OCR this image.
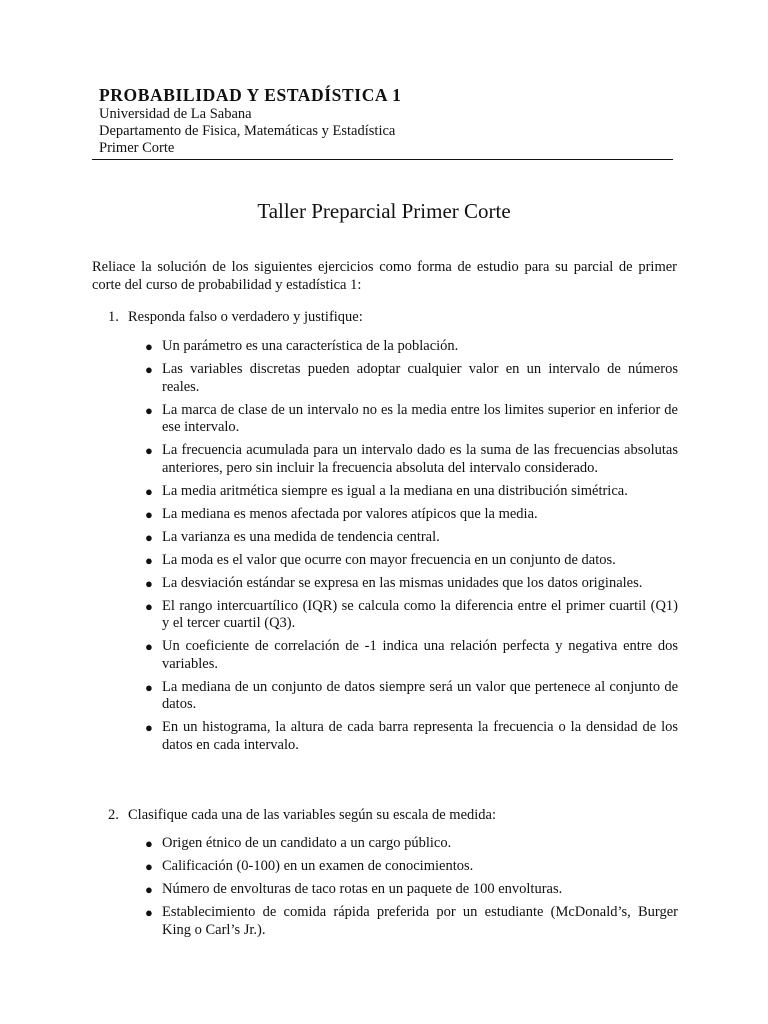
PROBABILIDAD Y ESTADÍSTICA 1
Universidad de La Sabana
Departamento de Fisica, Matemáticas y Estadística
Primer Corte
Taller Preparcial Primer Corte
Reliace la solución de los siguientes ejercicios como forma de estudio para su parcial de primer corte del curso de probabilidad y estadística 1:
1. Responda falso o verdadero y justifique:
● Un parámetro es una característica de la población.
● Las variables discretas pueden adoptar cualquier valor en un intervalo de números reales.
● La marca de clase de un intervalo no es la media entre los limites superior en inferior de ese intervalo.
● La frecuencia acumulada para un intervalo dado es la suma de las frecuencias absolutas anteriores, pero sin incluir la frecuencia absoluta del intervalo considerado.
● La media aritmética siempre es igual a la mediana en una distribución simétrica.
● La mediana es menos afectada por valores atípicos que la media.
● La varianza es una medida de tendencia central.
● La moda es el valor que ocurre con mayor frecuencia en un conjunto de datos.
● La desviación estándar se expresa en las mismas unidades que los datos originales.
● El rango intercuartílico (IQR) se calcula como la diferencia entre el primer cuartil (Q1) y el tercer cuartil (Q3).
● Un coeficiente de correlación de -1 indica una relación perfecta y negativa entre dos variables.
● La mediana de un conjunto de datos siempre será un valor que pertenece al conjunto de datos.
● En un histograma, la altura de cada barra representa la frecuencia o la densidad de los datos en cada intervalo.
2. Clasifique cada una de las variables según su escala de medida:
● Origen étnico de un candidato a un cargo público.
● Calificación (0-100) en un examen de conocimientos.
● Número de envolturas de taco rotas en un paquete de 100 envolturas.
● Establecimiento de comida rápida preferida por un estudiante (McDonald’s, Burger King o Carl’s Jr.).
